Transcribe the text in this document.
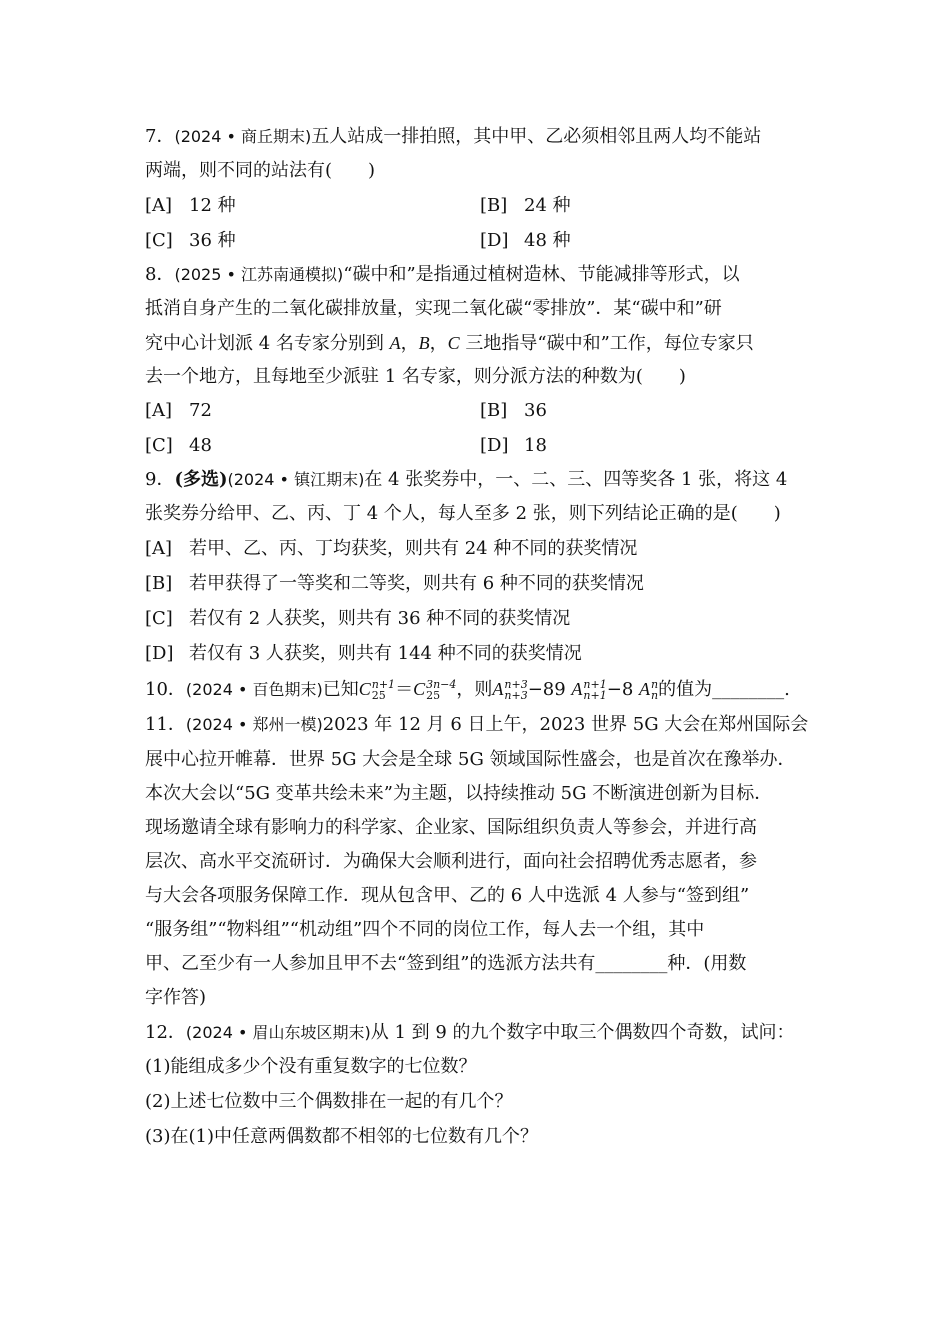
7．(2024 • 商丘期末)五人站成一排拍照，其中甲、乙必须相邻且两人均不能站
两端，则不同的站法有(　　)
[A] 12 种	[B] 24 种
[C] 36 种	[D] 48 种
8．(2025 • 江苏南通模拟)“碳中和”是指通过植树造林、节能减排等形式，以
抵消自身产生的二氧化碳排放量，实现二氧化碳“零排放”．某“碳中和”研
究中心计划派 4 名专家分别到 A，B，C 三地指导“碳中和”工作，每位专家只
去一个地方，且每地至少派驻 1 名专家，则分派方法的种数为(　　)
[A] 72	[B] 36
[C] 48	[D] 18
9．(多选)(2024 • 镇江期末)在 4 张奖券中，一、二、三、四等奖各 1 张，将这 4
张奖券分给甲、乙、丙、丁 4 个人，每人至多 2 张，则下列结论正确的是(　　)
[A] 若甲、乙、丙、丁均获奖，则共有 24 种不同的获奖情况
[B] 若甲获得了一等奖和二等奖，则共有 6 种不同的获奖情况
[C] 若仅有 2 人获奖，则共有 36 种不同的获奖情况
[D] 若仅有 3 人获奖，则共有 144 种不同的获奖情况
10．(2024 • 百色期末)已知C n+1
25 ＝C 3n−4
25 ，则A n+3
n+3 −89 A n+1
n+1 −8 A n
n 的值为________.
11．(2024 • 郑州一模)2023 年 12 月 6 日上午，2023 世界 5G 大会在郑州国际会
展中心拉开帷幕．世界 5G 大会是全球 5G 领域国际性盛会，也是首次在豫举办．
本次大会以“5G 变革共绘未来”为主题，以持续推动 5G 不断演进创新为目标．
现场邀请全球有影响力的科学家、企业家、国际组织负责人等参会，并进行高
层次、高水平交流研讨．为确保大会顺利进行，面向社会招聘优秀志愿者，参
与大会各项服务保障工作．现从包含甲、乙的 6 人中选派 4 人参与“签到组”
“服务组”“物料组”“机动组”四个不同的岗位工作，每人去一个组，其中
甲、乙至少有一人参加且甲不去“签到组”的选派方法共有________种．(用数
字作答)
12．(2024 • 眉山东坡区期末)从 1 到 9 的九个数字中取三个偶数四个奇数，试问：
(1)能组成多少个没有重复数字的七位数？
(2)上述七位数中三个偶数排在一起的有几个？
(3)在(1)中任意两偶数都不相邻的七位数有几个？
